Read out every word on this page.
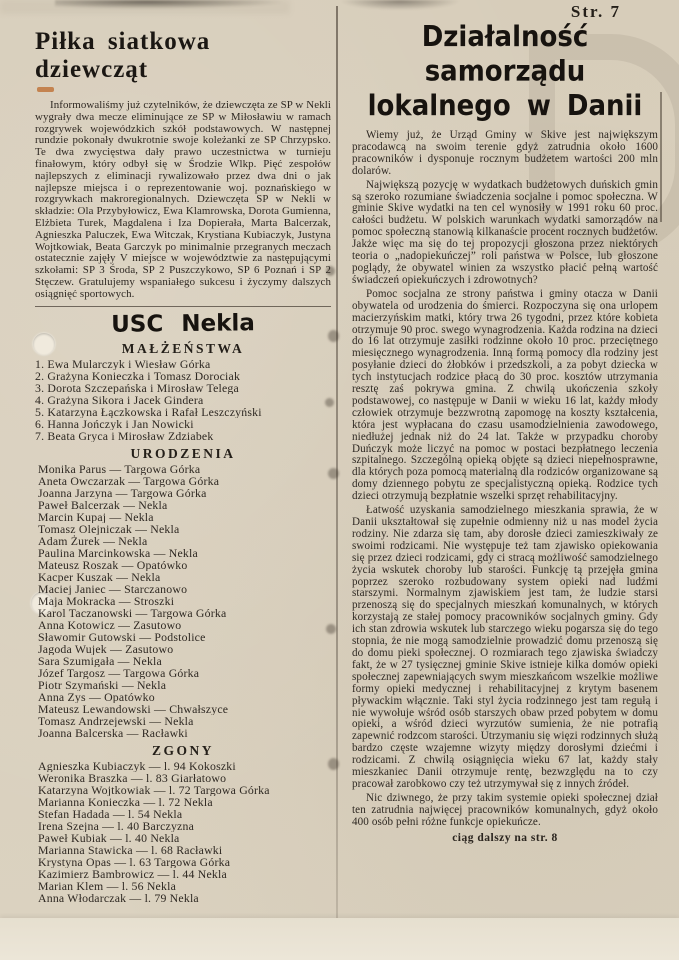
Str. 7
Piłka siatkowa dziewcząt

Informowaliśmy już czytelników, że dziewczęta ze SP w Nekli wygrały dwa mecze eliminujące ze SP w Miłosławiu w ramach rozgrywek wojewódzkich szkół podstawowych. W następnej rundzie pokonały dwukrotnie swoje koleżanki ze SP Chrzypsko. Te dwa zwycięstwa dały prawo uczestnictwa w turnieju finałowym, który odbył się w Środzie Wlkp. Pięć zespołów najlepszych z eliminacji rywalizowało przez dwa dni o jak najlepsze miejsca i o reprezentowanie woj. poznańskiego w rozgrywkach makroregionalnych. Dziewczęta SP w Nekli w składzie: Ola Przybyłowicz, Ewa Klamrowska, Dorota Gumienna, Elżbieta Turek, Magdalena i Iza Dopierała, Marta Balcerzak, Agnieszka Paluczek, Ewa Witczak, Krystiana Kubiaczyk, Justyna Wojtkowiak, Beata Garczyk po minimalnie przegranych meczach ostatecznie zajęły V miejsce w województwie za następującymi szkołami: SP 3 Środa, SP 2 Puszczykowo, SP 6 Poznań i SP 2 Stęczew. Gratulujemy wspaniałego sukcesu i życzymy dalszych osiągnięć sportowych.

USC Nekla
MAŁŻEŃSTWA
1. Ewa Mularczyk i Wiesław Górka
2. Grażyna Konieczka i Tomasz Dorociak
3. Dorota Szczepańska i Mirosław Telega
4. Grażyna Sikora i Jacek Gindera
5. Katarzyna Łączkowska i Rafał Leszczyński
6. Hanna Jończyk i Jan Nowicki
7. Beata Gryca i Mirosław Zdziabek
URODZENIA
Monika Parus — Targowa Górka
Aneta Owczarzak — Targowa Górka
Joanna Jarzyna — Targowa Górka
Paweł Balcerzak — Nekla
Marcin Kupaj — Nekla
Tomasz Olejniczak — Nekla
Adam Żurek — Nekla
Paulina Marcinkowska — Nekla
Mateusz Roszak — Opatówko
Kacper Kuszak — Nekla
Maciej Janiec — Starczanowo
Maja Mokracka — Stroszki
Karol Taczanowski — Targowa Górka
Anna Kotowicz — Zasutowo
Sławomir Gutowski — Podstolice
Jagoda Wujek — Zasutowo
Sara Szumigała — Nekla
Józef Targosz — Targowa Górka
Piotr Szymański — Nekla
Anna Zys — Opatówko
Mateusz Lewandowski — Chwałszyce
Tomasz Andrzejewski — Nekla
Joanna Balcerska — Racławki
ZGONY
Agnieszka Kubiaczyk — l. 94 Kokoszki
Weronika Braszka — l. 83 Giarłatowo
Katarzyna Wojtkowiak — l. 72 Targowa Górka
Marianna Konieczka — l. 72 Nekla
Stefan Hadada — l. 54 Nekla
Irena Szejna — l. 40 Barczyzna
Paweł Kubiak — l. 40 Nekla
Marianna Stawicka — l. 68 Racławki
Krystyna Opas — l. 63 Targowa Górka
Kazimierz Bambrowicz — l. 44 Nekla
Marian Klem — l. 56 Nekla
Anna Włodarczak — l. 79 Nekla
Działalność samorządu lokalnego w Danii

Wiemy już, że Urząd Gminy w Skive jest największym pracodawcą na swoim terenie gdyż zatrudnia około 1600 pracowników i dysponuje rocznym budżetem wartości 200 mln dolarów.

Największą pozycję w wydatkach budżetowych duńskich gmin są szeroko rozumiane świadczenia socjalne i pomoc społeczna. W gminie Skive wydatki na ten cel wynosiły w 1991 roku 60 proc. całości budżetu. W polskich warunkach wydatki samorządów na pomoc społeczną stanowią kilkanaście procent rocznych budżetów. Jakże więc ma się do tej propozycji głoszona przez niektórych teoria o „nadopiekuńczej” roli państwa w Polsce, lub głoszone poglądy, że obywatel winien za wszystko płacić pełną wartość świadczeń opiekuńczych i zdrowotnych?

Pomoc socjalna ze strony państwa i gminy otacza w Danii obywatela od urodzenia do śmierci. Rozpoczyna się ona urlopem macierzyńskim matki, który trwa 26 tygodni, przez które kobieta otrzymuje 90 proc. swego wynagrodzenia. Każda rodzina na dzieci do 16 lat otrzymuje zasiłki rodzinne około 10 proc. przeciętnego miesięcznego wynagrodzenia. Inną formą pomocy dla rodziny jest posyłanie dzieci do żłobków i przedszkoli, a za pobyt dziecka w tych instytucjach rodzice płacą do 30 proc. kosztów utrzymania resztę zaś pokrywa gmina. Z chwilą ukończenia szkoły podstawowej, co następuje w Danii w wieku 16 lat, każdy młody człowiek otrzymuje bezzwrotną zapomogę na koszty kształcenia, która jest wypłacana do czasu usamodzielnienia zawodowego, niedłużej jednak niż do 24 lat. Także w przypadku choroby Duńczyk może liczyć na pomoc w postaci bezpłatnego leczenia szpitalnego. Szczególną opieką objęte są dzieci niepełnosprawne, dla których poza pomocą materialną dla rodziców organizowane są domy dziennego pobytu ze specjalistyczną opieką. Rodzice tych dzieci otrzymują bezpłatnie wszelki sprzęt rehabilitacyjny.

Łatwość uzyskania samodzielnego mieszkania sprawia, że w Danii ukształtował się zupełnie odmienny niż u nas model życia rodziny. Nie zdarza się tam, aby dorosłe dzieci zamieszkiwały ze swoimi rodzicami. Nie występuje też tam zjawisko opiekowania się przez dzieci rodzicami, gdy ci stracą możliwość samodzielnego życia wskutek choroby lub starości. Funkcję tą przejęła gmina poprzez szeroko rozbudowany system opieki nad ludźmi starszymi. Normalnym zjawiskiem jest tam, że ludzie starsi przenoszą się do specjalnych mieszkań komunalnych, w których korzystają ze stałej pomocy pracowników socjalnych gminy. Gdy ich stan zdrowia wskutek lub starczego wieku pogarsza się do tego stopnia, że nie mogą samodzielnie prowadzić domu przenoszą się do domu pieki społecznej. O rozmiarach tego zjawiska świadczy fakt, że w 27 tysięcznej gminie Skive istnieje kilka domów opieki społecznej zapewniających swym mieszkańcom wszelkie możliwe formy opieki medycznej i rehabilitacyjnej z krytym basenem pływackim włącznie. Taki styl życia rodzinnego jest tam regułą i nie wywołuje wśród osób starszych obaw przed pobytem w domu opieki, a wśród dzieci wyrzutów sumienia, że nie potrafią zapewnić rodzcom starości. Utrzymaniu się więzi rodzinnych służą bardzo częste wzajemne wizyty między dorosłymi dziećmi i rodzicami. Z chwilą osiągnięcia wieku 67 lat, każdy stały mieszkaniec Danii otrzymuje rentę, bezwzględu na to czy pracował zarobkowo czy też utrzymywał się z innych źródeł.

Nic dziwnego, że przy takim systemie opieki społecznej dział ten zatrudnia najwięcej pracowników komunalnych, gdyż około 400 osób pełni różne funkcje opiekuńcze.

ciąg dalszy na str. 8
